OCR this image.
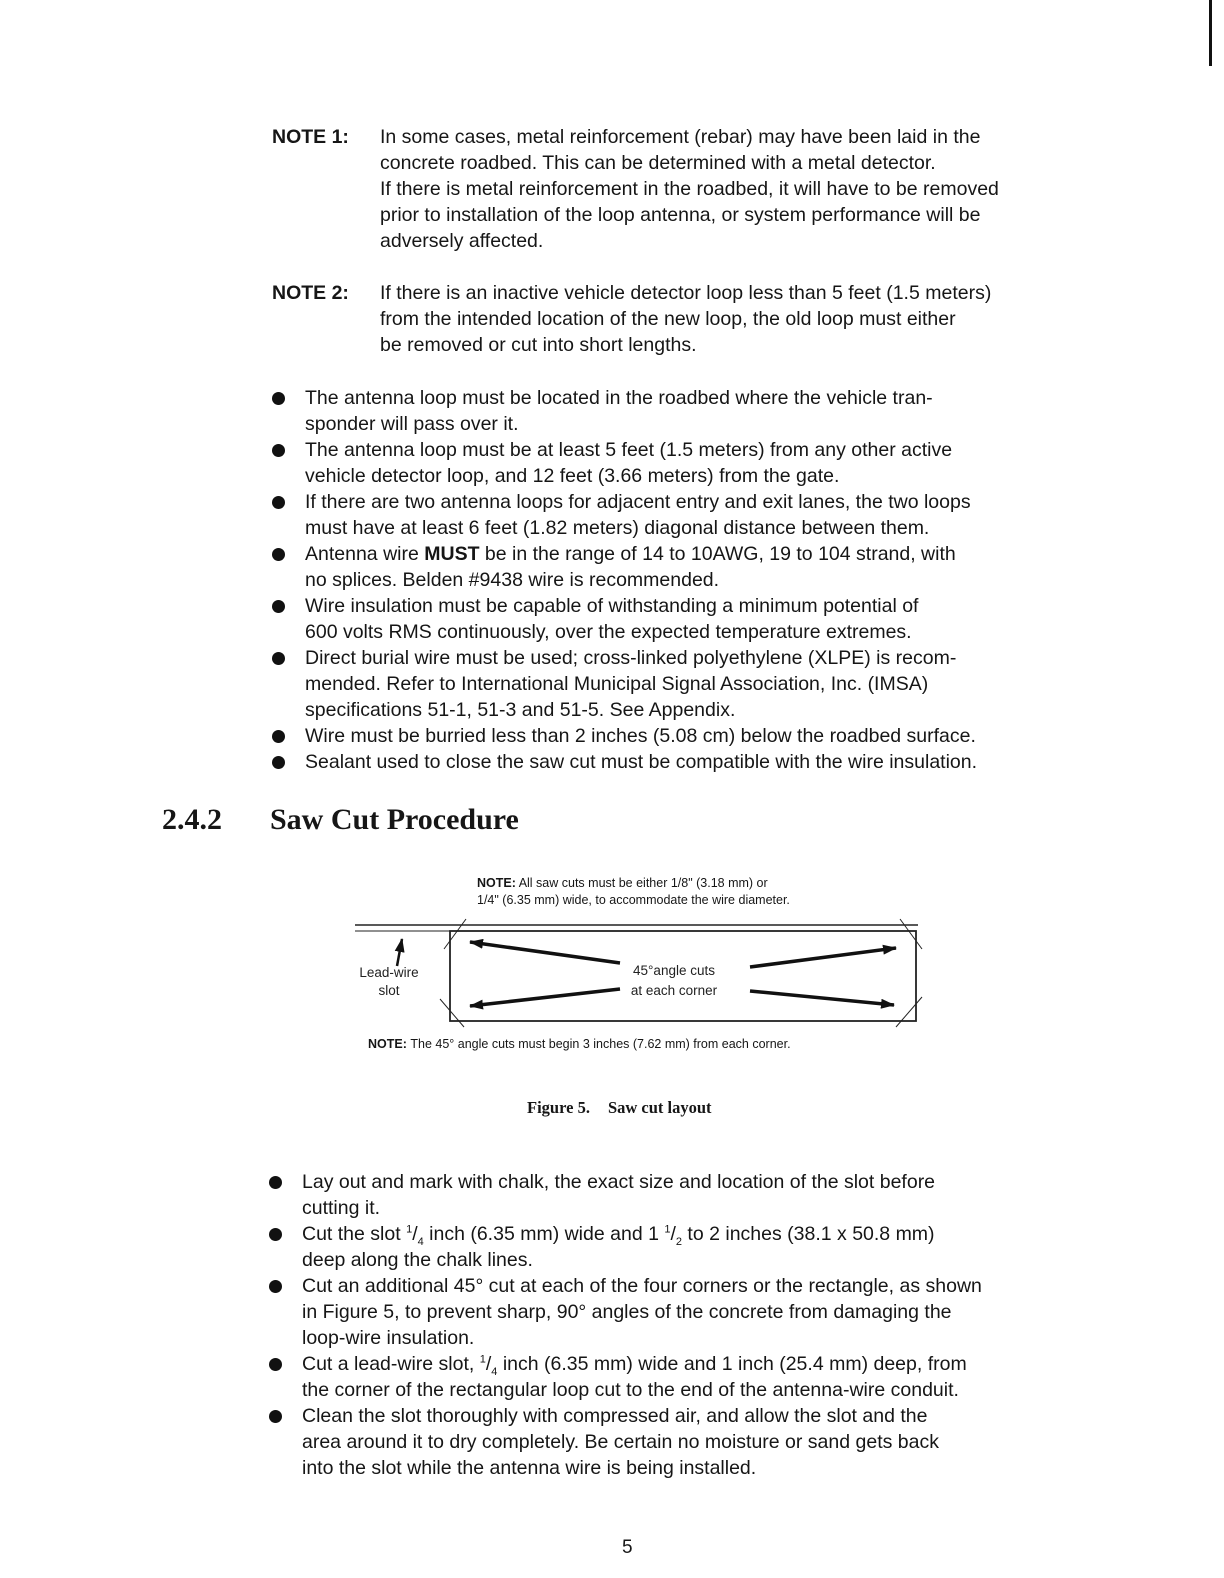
NOTE 1: In some cases, metal reinforcement (rebar) may have been laid in the
concrete roadbed. This can be determined with a metal detector.
If there is metal reinforcement in the roadbed, it will have to be removed
prior to installation of the loop antenna, or system performance will be
adversely affected.
NOTE 2: If there is an inactive vehicle detector loop less than 5 feet (1.5 meters)
from the intended location of the new loop, the old loop must either
be removed or cut into short lengths.
The antenna loop must be located in the roadbed where the vehicle tran-
sponder will pass over it.
The antenna loop must be at least 5 feet (1.5 meters) from any other active
vehicle detector loop, and 12 feet (3.66 meters) from the gate.
If there are two antenna loops for adjacent entry and exit lanes, the two loops
must have at least 6 feet (1.82 meters) diagonal distance between them.
Antenna wire MUST be in the range of 14 to 10AWG, 19 to 104 strand, with
no splices. Belden #9438 wire is recommended.
Wire insulation must be capable of withstanding a minimum potential of
600 volts RMS continuously, over the expected temperature extremes.
Direct burial wire must be used; cross-linked polyethylene (XLPE) is recom-
mended. Refer to International Municipal Signal Association, Inc. (IMSA)
specifications 51-1, 51-3 and 51-5. See Appendix.
Wire must be burried less than 2 inches (5.08 cm) below the roadbed surface.
Sealant used to close the saw cut must be compatible with the wire insulation.
2.4.2 Saw Cut Procedure
NOTE: All saw cuts must be either 1/8" (3.18 mm) or
1/4" (6.35 mm) wide, to accommodate the wire diameter.
Lead-wire
slot
45°angle cuts
at each corner
NOTE: The 45° angle cuts must begin 3 inches (7.62 mm) from each corner.
Figure 5. Saw cut layout
Lay out and mark with chalk, the exact size and location of the slot before
cutting it.
Cut the slot $^1/_4$ inch (6.35 mm) wide and 1 $^1/_2$ to 2 inches (38.1 x 50.8 mm)
deep along the chalk lines.
Cut an additional 45° cut at each of the four corners or the rectangle, as shown
in Figure 5, to prevent sharp, 90° angles of the concrete from damaging the
loop-wire insulation.
Cut a lead-wire slot, $^1/_4$ inch (6.35 mm) wide and 1 inch (25.4 mm) deep, from
the corner of the rectangular loop cut to the end of the antenna-wire conduit.
Clean the slot thoroughly with compressed air, and allow the slot and the
area around it to dry completely. Be certain no moisture or sand gets back
into the slot while the antenna wire is being installed.
5
